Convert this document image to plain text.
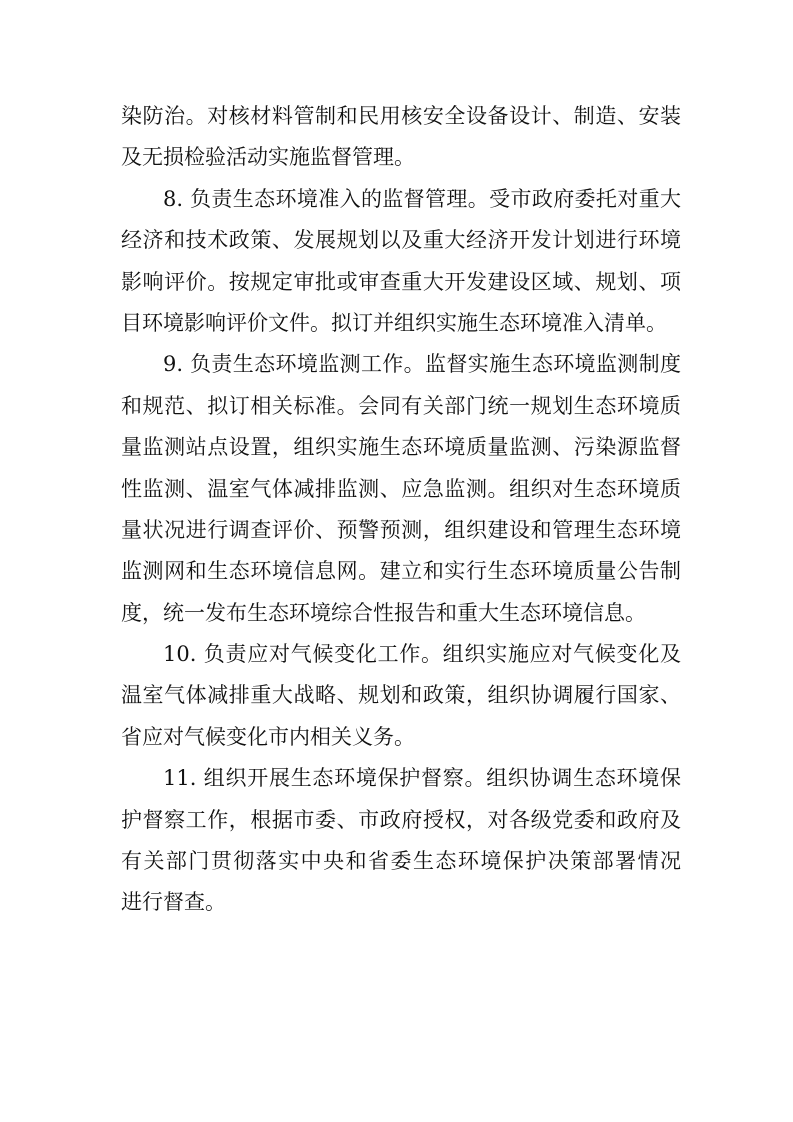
染防治。对核材料管制和民用核安全设备设计、制造、安装
及无损检验活动实施监督管理。
8. 负责生态环境准入的监督管理。受市政府委托对重大
经济和技术政策、发展规划以及重大经济开发计划进行环境
影响评价。按规定审批或审查重大开发建设区域、规划、项
目环境影响评价文件。拟订并组织实施生态环境准入清单。
9. 负责生态环境监测工作。监督实施生态环境监测制度
和规范、拟订相关标准。会同有关部门统一规划生态环境质
量监测站点设置，组织实施生态环境质量监测、污染源监督
性监测、温室气体减排监测、应急监测。组织对生态环境质
量状况进行调查评价、预警预测，组织建设和管理生态环境
监测网和生态环境信息网。建立和实行生态环境质量公告制
度，统一发布生态环境综合性报告和重大生态环境信息。
10. 负责应对气候变化工作。组织实施应对气候变化及
温室气体减排重大战略、规划和政策，组织协调履行国家、
省应对气候变化市内相关义务。
11. 组织开展生态环境保护督察。组织协调生态环境保
护督察工作，根据市委、市政府授权，对各级党委和政府及
有关部门贯彻落实中央和省委生态环境保护决策部署情况
进行督查。
